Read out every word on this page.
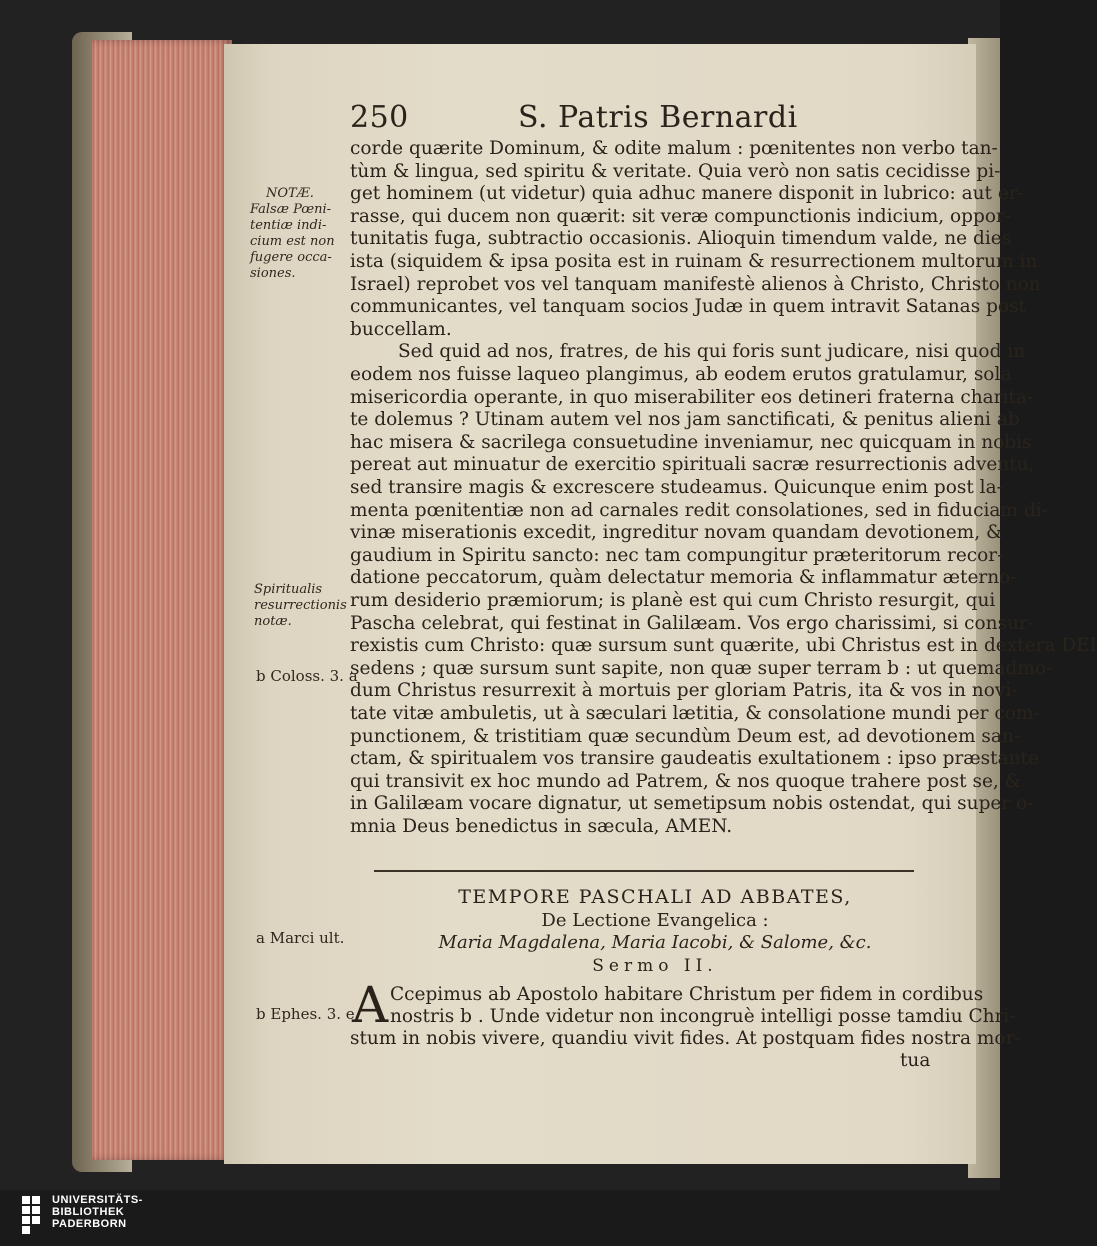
250	S. Patris Bernardi
corde quærite Dominum, & odite malum : pœnitentes non verbo tan-
tùm & lingua, sed spiritu & veritate. Quia verò non satis cecidisse pi-
get hominem (ut videtur) quia adhuc manere disponit in lubrico: aut er-
rasse, qui ducem non quærit: sit veræ compunctionis indicium, oppor-
tunitatis fuga, subtractio occasionis. Alioquin timendum valde, ne dies
ista (siquidem & ipsa posita est in ruinam & resurrectionem multorum in
Israel) reprobet vos vel tanquam manifestè alienos à Christo, Christo non
communicantes, vel tanquam socios Judæ in quem intravit Satanas post
buccellam.
Sed quid ad nos, fratres, de his qui foris sunt judicare, nisi quod in
eodem nos fuisse laqueo plangimus, ab eodem erutos gratulamur, sola
misericordia operante, in quo miserabiliter eos detineri fraterna charita-
te dolemus ? Utinam autem vel nos jam sanctificati, & penitus alieni ab
hac misera & sacrilega consuetudine inveniamur, nec quicquam in nobis
pereat aut minuatur de exercitio spirituali sacræ resurrectionis adventu,
sed transire magis & excrescere studeamus. Quicunque enim post la-
menta pœnitentiæ non ad carnales redit consolationes, sed in fiduciam di-
vinæ miserationis excedit, ingreditur novam quandam devotionem, &
gaudium in Spiritu sancto: nec tam compungitur præteritorum recor-
datione peccatorum, quàm delectatur memoria & inflammatur æterno-
rum desiderio præmiorum; is planè est qui cum Christo resurgit, qui
Pascha celebrat, qui festinat in Galilæam. Vos ergo charissimi, si consur-
rexistis cum Christo: quæ sursum sunt quærite, ubi Christus est in dextera DEI
sedens ; quæ sursum sunt sapite, non quæ super terram b : ut quemadmo-
dum Christus resurrexit à mortuis per gloriam Patris, ita & vos in novi-
tate vitæ ambuletis, ut à sæculari lætitia, & consolatione mundi per com-
punctionem, & tristitiam quæ secundùm Deum est, ad devotionem san-
ctam, & spiritualem vos transire gaudeatis exultationem : ipso præstante
qui transivit ex hoc mundo ad Patrem, & nos quoque trahere post se, &
in Galilæam vocare dignatur, ut semetipsum nobis ostendat, qui super o-
mnia Deus benedictus in sæcula, AMEN.
NOTÆ.
Falsæ Pœni-
tentiæ indi-
cium est non
fugere occa-
siones.
Spiritualis
resurrectionis
notæ.
b Coloss. 3. a
a Marci ult.
b Ephes. 3. e
TEMPORE PASCHALI AD ABBATES,
De Lectione Evangelica :
Maria Magdalena, Maria Iacobi, & Salome, &c.
Sermo II.
A Ccepimus ab Apostolo habitare Christum per fidem in cordibus
nostris b . Unde videtur non incongruè intelligi posse tamdiu Chri-
stum in nobis vivere, quandiu vivit fides. At postquam fides nostra mor-
tua
UNIVERSITÄTS-
BIBLIOTHEK
PADERBORN
